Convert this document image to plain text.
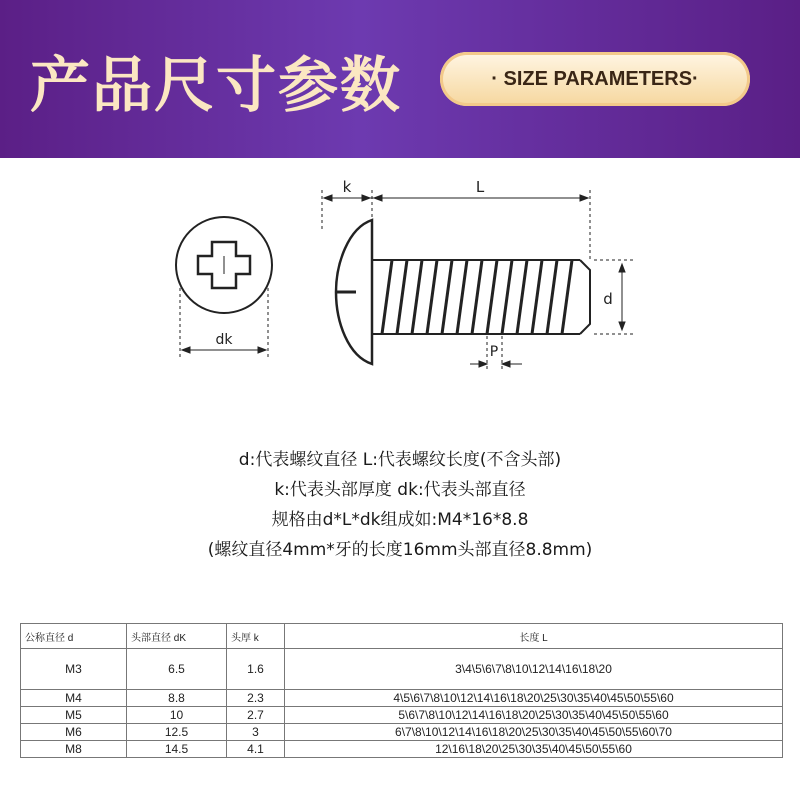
产品尺寸参数	· SIZE PARAMETERS·
dk
k	L
d
P
d:代表螺纹直径 L:代表螺纹长度(不含头部)
k:代表头部厚度 dk:代表头部直径
规格由d*L*dk组成如:M4*16*8.8
(螺纹直径4mm*牙的长度16mm头部直径8.8mm)
公称直径 d	头部直径 dK	头厚 k	长度 L
M3	6.5	1.6	3\4\5\6\7\8\10\12\14\16\18\20
M4	8.8	2.3	4\5\6\7\8\10\12\14\16\18\20\25\30\35\40\45\50\55\60
M5	10	2.7	5\6\7\8\10\12\14\16\18\20\25\30\35\40\45\50\55\60
M6	12.5	3	6\7\8\10\12\14\16\18\20\25\30\35\40\45\50\55\60\70
M8	14.5	4.1	12\16\18\20\25\30\35\40\45\50\55\60
